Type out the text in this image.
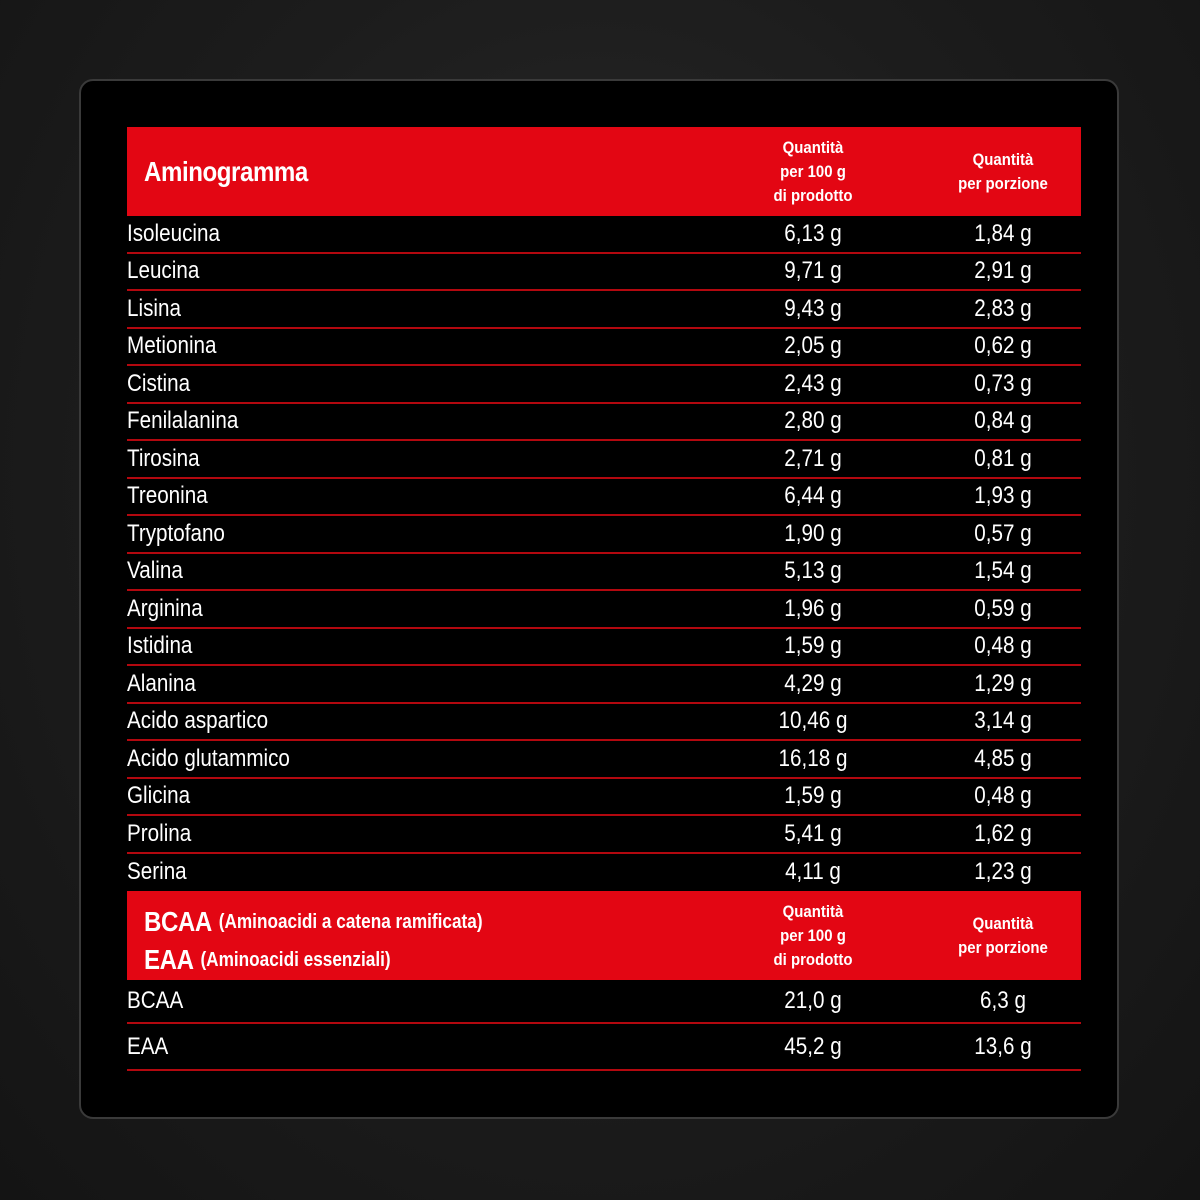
Aminogramma
Quantità
per 100 g
di prodotto
Quantità
per porzione
Isoleucina	6,13 g	1,84 g
Leucina	9,71 g	2,91 g
Lisina	9,43 g	2,83 g
Metionina	2,05 g	0,62 g
Cistina	2,43 g	0,73 g
Fenilalanina	2,80 g	0,84 g
Tirosina	2,71 g	0,81 g
Treonina	6,44 g	1,93 g
Tryptofano	1,90 g	0,57 g
Valina	5,13 g	1,54 g
Arginina	1,96 g	0,59 g
Istidina	1,59 g	0,48 g
Alanina	4,29 g	1,29 g
Acido aspartico	10,46 g	3,14 g
Acido glutammico	16,18 g	4,85 g
Glicina	1,59 g	0,48 g
Prolina	5,41 g	1,62 g
Serina	4,11 g	1,23 g
BCAA (Aminoacidi a catena ramificata)
EAA (Aminoacidi essenziali)
Quantità
per 100 g
di prodotto
Quantità
per porzione
BCAA	21,0 g	6,3 g
EAA	45,2 g	13,6 g
